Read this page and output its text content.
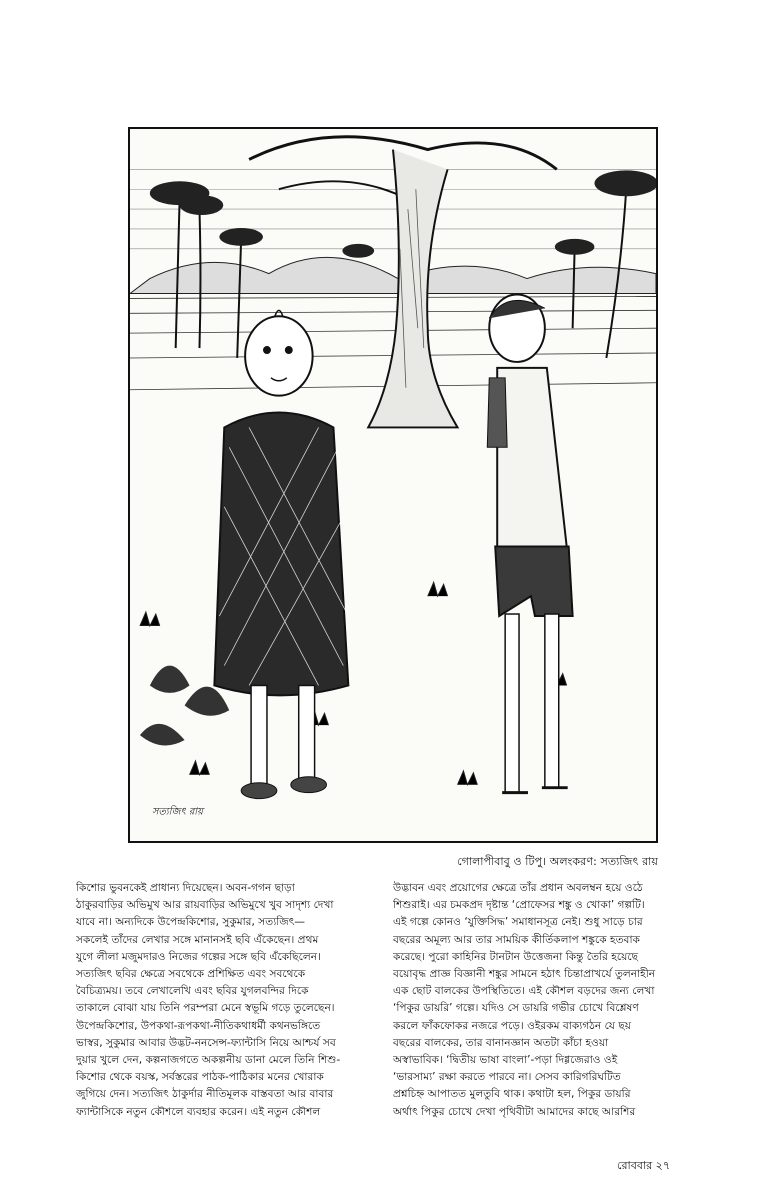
সত্যজিৎ রায়
গোলাপীবাবু ও টিপু। অলংকরণ: সত্যজিৎ রায়
কিশোর ভুবনকেই প্রাধান্য দিয়েছেন। অবন-গগন ছাড়া
ঠাকুরবাড়ির অভিমুখ আর রায়বাড়ির অভিমুখে খুব সাদৃশ্য দেখা
যাবে না। অন্যদিকে উপেন্দ্রকিশোর, সুকুমার, সত্যজিৎ—
সকলেই তাঁদের লেখার সঙ্গে মানানসই ছবি এঁকেছেন। প্রথম
যুগে লীলা মজুমদারও নিজের গল্পের সঙ্গে ছবি এঁকেছিলেন।
সত্যজিৎ ছবির ক্ষেত্রে সবথেকে প্রশিক্ষিত এবং সবথেকে
বৈচিত্র্যময়। তবে লেখালেখি এবং ছবির যুগলবন্দির দিকে
তাকালে বোঝা যায় তিনি পরম্পরা মেনে স্বভূমি গড়ে তুলেছেন।
উপেন্দ্রকিশোর, উপকথা-রূপকথা-নীতিকথাধর্মী কথনভঙ্গিতে
ভাস্বর, সুকুমার আবার উদ্ভট-ননসেন্স-ফ্যান্টাসি নিয়ে আশ্চর্য সব
দুয়ার খুলে দেন, কল্পনাজগতে অকল্পনীয় ডানা মেলে তিনি শিশু-
কিশোর থেকে বয়স্ক, সর্বস্তরের পাঠক-পাঠিকার মনের খোরাক
জুগিয়ে দেন। সত্যজিৎ ঠাকুর্দার নীতিমূলক বাস্তবতা আর বাবার
ফ্যান্টাসিকে নতুন কৌশলে ব্যবহার করেন। এই নতুন কৌশল
উদ্ভাবন এবং প্রয়োগের ক্ষেত্রে তাঁর প্রধান অবলম্বন হয়ে ওঠে
শিশুরাই। এর চমকপ্রদ দৃষ্টান্ত ‘প্রোফেসর শঙ্কু ও খোকা’ গল্পটি।
এই গল্পে কোনও ‘যুক্তিসিদ্ধ’ সমাধানসূত্র নেই। শুধু সাড়ে চার
বছরের অমূল্য আর তার সাময়িক কীর্তিকলাপ শঙ্কুকে হতবাক
করেছে। পুরো কাহিনির টানটান উত্তেজনা কিন্তু তৈরি হয়েছে
বয়োবৃদ্ধ প্রাজ্ঞ বিজ্ঞানী শঙ্কুর সামনে হঠাৎ চিন্তাপ্রাখর্যে তুলনাহীন
এক ছোট বালকের উপস্থিতিতে। এই কৌশল বড়দের জন্য লেখা
‘পিকুর ডায়রি’ গল্পে। যদিও সে ডায়রি গভীর চোখে বিশ্লেষণ
করলে ফাঁকফোকর নজরে পড়ে। ওইরকম বাক্যগঠন যে ছয়
বছরের বালকের, তার বানানজ্ঞান অতটা কাঁচা হওয়া
অস্বাভাবিক। ‘দ্বিতীয় ভাষা বাংলা’-পড়া দিগ্গজেরাও ওই
‘ভারসাম্য’ রক্ষা করতে পারবে না। সেসব কারিগরিঘটিত
প্রশ্নচিহ্ন আপাতত মুলতুবি থাক। কথাটা হল, পিকুর ডায়রি
অর্থাৎ পিকুর চোখে দেখা পৃথিবীটা আমাদের কাছে আরশির
রোববার ২৭
